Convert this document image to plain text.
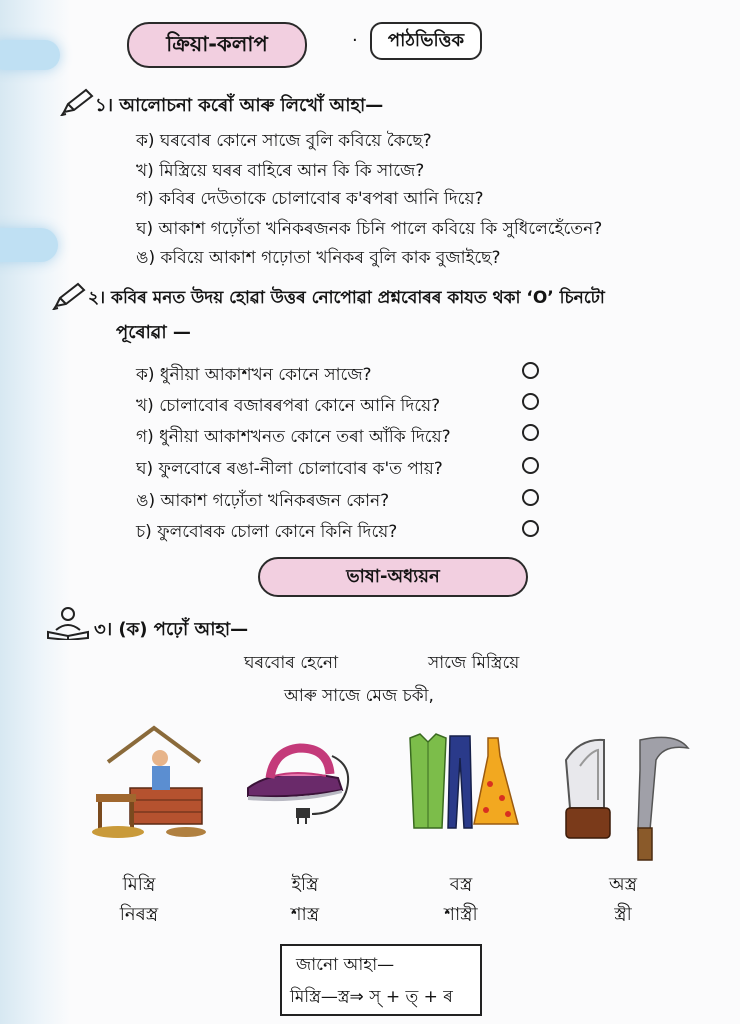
ক্রিয়া-কলাপ	· পাঠভিত্তিক
১। আলোচনা কৰোঁ আৰু লিখোঁ আহা—
ক) ঘৰবোৰ কোনে সাজে বুলি কবিয়ে কৈছে?
খ) মিস্ত্রিয়ে ঘৰৰ বাহিৰে আন কি কি সাজে?
গ) কবিৰ দেউতাকে চোলাবোৰ ক'ৰপৰা আনি দিয়ে?
ঘ) আকাশ গঢ়োঁতা খনিকৰজনক চিনি পালে কবিয়ে কি সুধিলেহেঁতেন?
ঙ) কবিয়ে আকাশ গঢ়োতা খনিকৰ বুলি কাক বুজাইছে?
২। কবিৰ মনত উদয় হোৱা উত্তৰ নোপোৱা প্ৰশ্নবোৰৰ কাযত থকা ‘O’ চিনটো
পূৰোৱা —
ক) ধুনীয়া আকাশখন কোনে সাজে?
খ) চোলাবোৰ বজাৰৰপৰা কোনে আনি দিয়ে?
গ) ধুনীয়া আকাশখনত কোনে তৰা আঁকি দিয়ে?
ঘ) ফুলবোৰে ৰঙা-নীলা চোলাবোৰ ক'ত পায়?
ঙ) আকাশ গঢ়োঁতা খনিকৰজন কোন?
চ) ফুলবোৰক চোলা কোনে কিনি দিয়ে?
ভাষা-অধ্যয়ন
৩। (ক) পঢ়োঁ আহা—
ঘৰবোৰ হেনো	সাজে মিস্ত্রিয়ে
আৰু সাজে মেজ চকী,
মিস্ত্রি
নিৰস্ত্ৰ
ইস্ত্রি
শাস্ত্ৰ
বস্ত্ৰ
শাস্ত্ৰী
অস্ত্ৰ
স্ত্রী
জানো আহা—
মিস্ত্রি—স্ত্র⇒ স্ + ত্ + ৰ
